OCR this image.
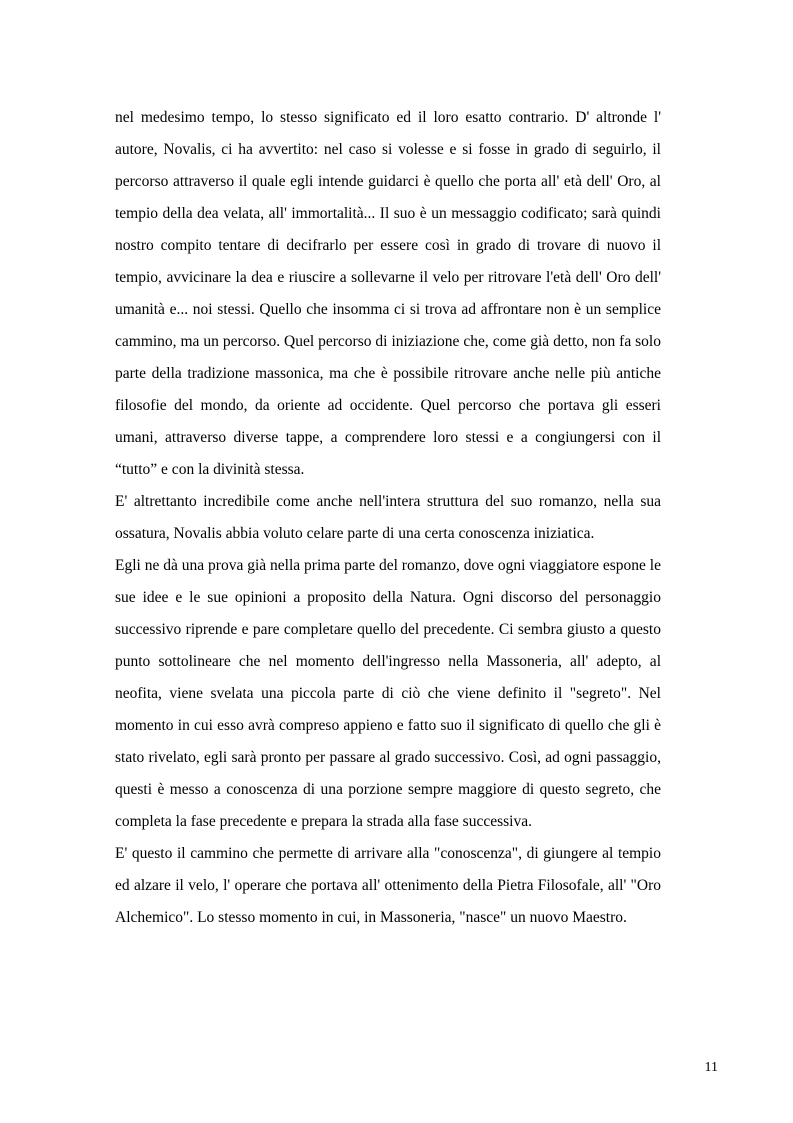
nel medesimo tempo, lo stesso significato ed il loro esatto contrario. D' altronde l' autore, Novalis, ci ha avvertito: nel caso si volesse e si fosse in grado di seguirlo, il percorso attraverso il quale egli intende guidarci è quello che porta all' età dell' Oro, al tempio della dea velata, all' immortalità... Il suo è un messaggio codificato; sarà quindi nostro compito tentare di decifrarlo per essere così in grado di trovare di nuovo il tempio, avvicinare la dea e riuscire a sollevarne il velo per ritrovare l'età dell' Oro dell' umanità e... noi stessi. Quello che insomma ci si trova ad affrontare non è un semplice cammino, ma un percorso. Quel percorso di iniziazione che, come già detto, non fa solo parte della tradizione massonica, ma che è possibile ritrovare anche nelle più antiche filosofie del mondo, da oriente ad occidente. Quel percorso che portava gli esseri umani, attraverso diverse tappe, a comprendere loro stessi e a congiungersi con il “tutto” e con la divinità stessa.

E' altrettanto incredibile come anche nell'intera struttura del suo romanzo, nella sua ossatura, Novalis abbia voluto celare parte di una certa conoscenza iniziatica.

Egli ne dà una prova già nella prima parte del romanzo, dove ogni viaggiatore espone le sue idee e le sue opinioni a proposito della Natura. Ogni discorso del personaggio successivo riprende e pare completare quello del precedente. Ci sembra giusto a questo punto sottolineare che nel momento dell'ingresso nella Massoneria, all' adepto, al neofita, viene svelata una piccola parte di ciò che viene definito il "segreto". Nel momento in cui esso avrà compreso appieno e fatto suo il significato di quello che gli è stato rivelato, egli sarà pronto per passare al grado successivo. Così, ad ogni passaggio, questi è messo a conoscenza di una porzione sempre maggiore di questo segreto, che completa la fase precedente e prepara la strada alla fase successiva.

E' questo il cammino che permette di arrivare alla "conoscenza", di giungere al tempio ed alzare il velo, l' operare che portava all' ottenimento della Pietra Filosofale, all' "Oro Alchemico". Lo stesso momento in cui, in Massoneria, "nasce" un nuovo Maestro.

11
